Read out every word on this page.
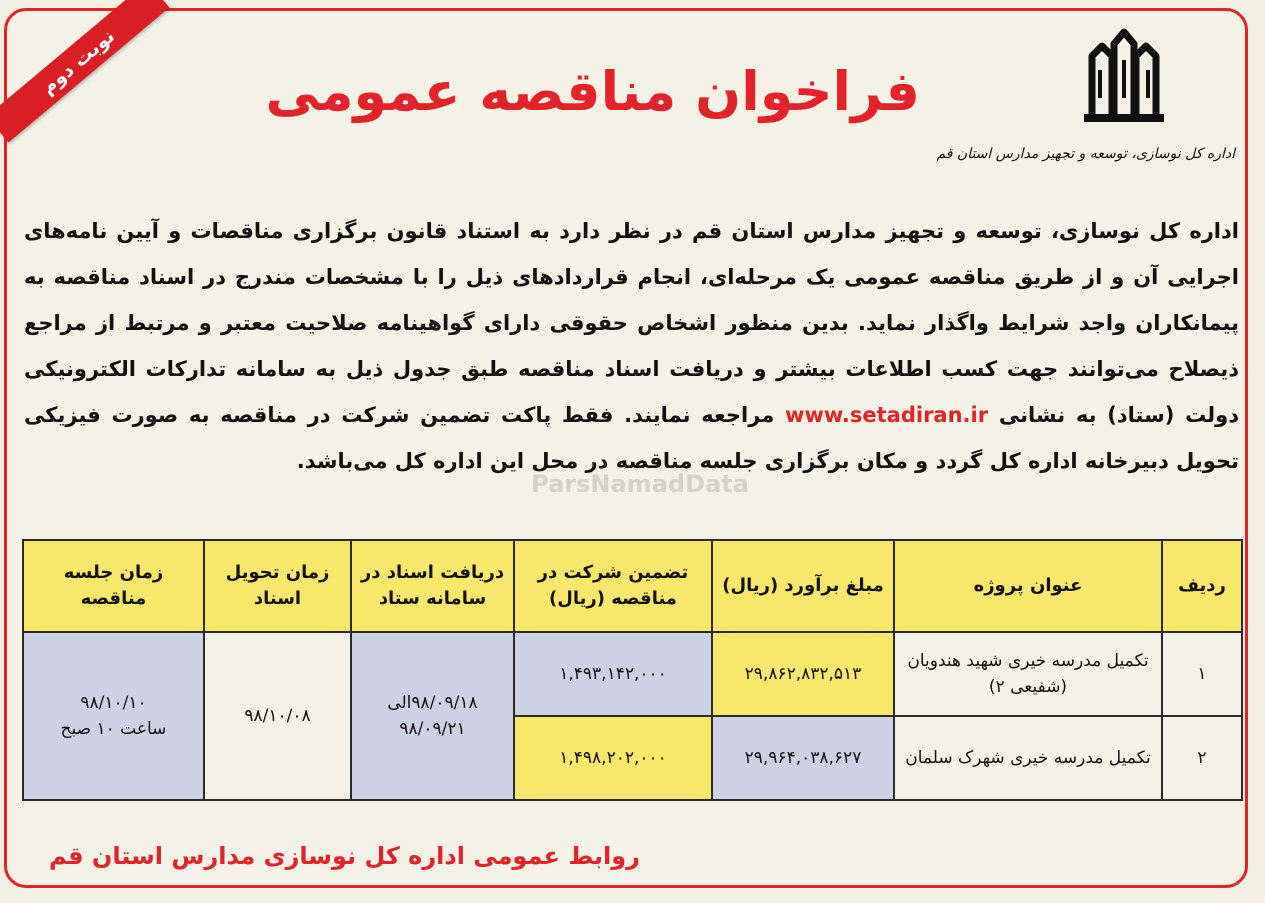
نوبت دوم
اداره کل نوسازی، توسعه و تجهیز مدارس استان قم
فراخوان مناقصه عمومی
اداره کل نوسازی، توسعه و تجهیز مدارس استان قم در نظر دارد به استناد قانون برگزاری مناقصات و آیین نامه‌های اجرایی آن و از طریق مناقصه عمومی یک مرحله‌ای، انجام قراردادهای ذیل را با مشخصات مندرج در اسناد مناقصه به پیمانکاران واجد شرایط واگذار نماید. بدین منظور اشخاص حقوقی دارای گواهینامه صلاحیت معتبر و مرتبط از مراجع ذیصلاح می‌توانند جهت کسب اطلاعات بیشتر و دریافت اسناد مناقصه طبق جدول ذیل به سامانه تدارکات الکترونیکی دولت (ستاد) به نشانی www.setadiran.ir مراجعه نمایند. فقط پاکت تضمین شرکت در مناقصه به صورت فیزیکی تحویل دبیرخانه اداره کل گردد و مکان برگزاری جلسه مناقصه در محل این اداره کل می‌باشد.
ParsNamadData
ردیف	عنوان پروژه	مبلغ برآورد (ریال)	تضمین شرکت در مناقصه (ریال)	دریافت اسناد در سامانه ستاد	زمان تحویل اسناد	زمان جلسه مناقصه
۱	تکمیل مدرسه خیری شهید هندویان (شفیعی ۲)	۲۹,۸۶۲,۸۳۲,۵۱۳	۱,۴۹۳,۱۴۲,۰۰۰	۹۸/۰۹/۱۸الی ۹۸/۰۹/۲۱	۹۸/۱۰/۰۸	۹۸/۱۰/۱۰
ساعت ۱۰ صبح

۲	تکمیل مدرسه خیری شهرک سلمان	۲۹,۹۶۴,۰۳۸,۶۲۷	۱,۴۹۸,۲۰۲,۰۰۰			
روابط عمومی اداره کل نوسازی مدارس استان قم
